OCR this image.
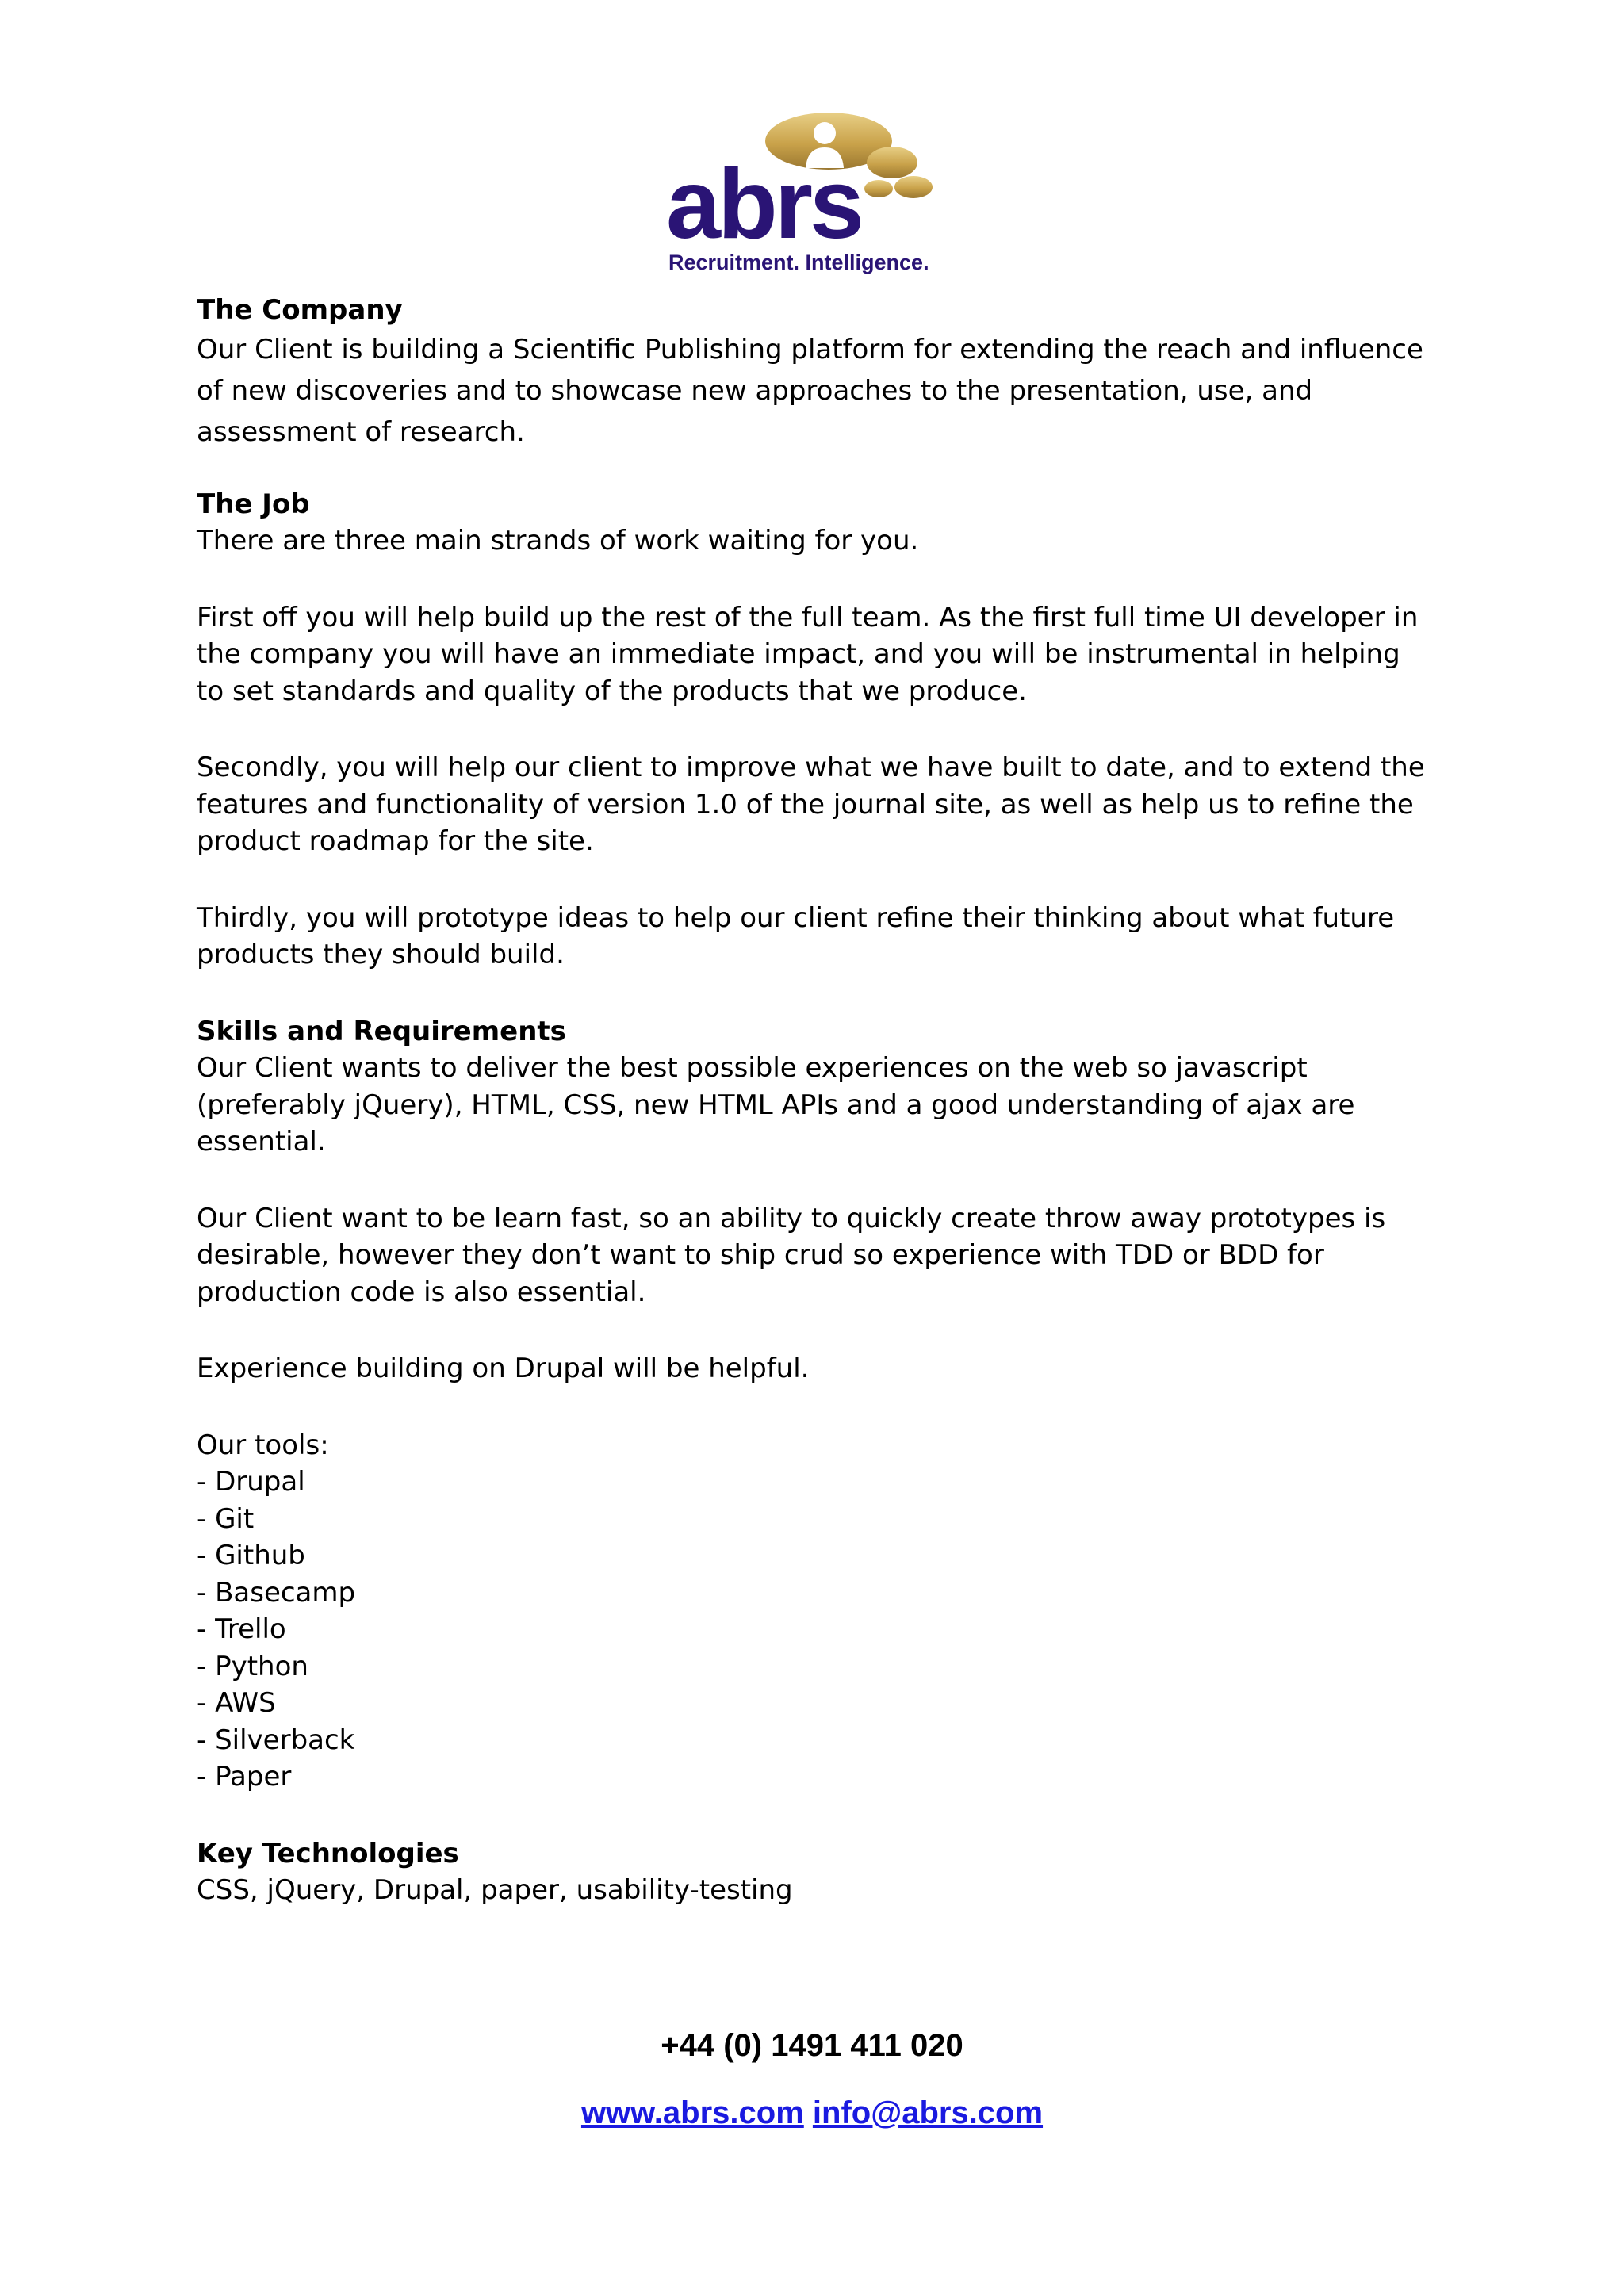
abrs
Recruitment. Intelligence.

The Company

Our Client is building a Scientific Publishing platform for extending the reach and influence of new discoveries and to showcase new approaches to the presentation, use, and assessment of research.

The Job

There are three main strands of work waiting for you.

First off you will help build up the rest of the full team. As the first full time UI developer in the company you will have an immediate impact, and you will be instrumental in helping to set standards and quality of the products that we produce.

Secondly, you will help our client to improve what we have built to date, and to extend the features and functionality of version 1.0 of the journal site, as well as help us to refine the product roadmap for the site.

Thirdly, you will prototype ideas to help our client refine their thinking about what future products they should build.

Skills and Requirements

Our Client wants to deliver the best possible experiences on the web so javascript (preferably jQuery), HTML, CSS, new HTML APIs and a good understanding of ajax are essential.

Our Client want to be learn fast, so an ability to quickly create throw away prototypes is desirable, however they don’t want to ship crud so experience with TDD or BDD for production code is also essential.

Experience building on Drupal will be helpful.

Our tools:

- Drupal
- Git
- Github
- Basecamp
- Trello
- Python
- AWS
- Silverback
- Paper

Key Technologies

CSS, jQuery, Drupal, paper, usability-testing

+44 (0) 1491 411 020
www.abrs.com info@abrs.com
